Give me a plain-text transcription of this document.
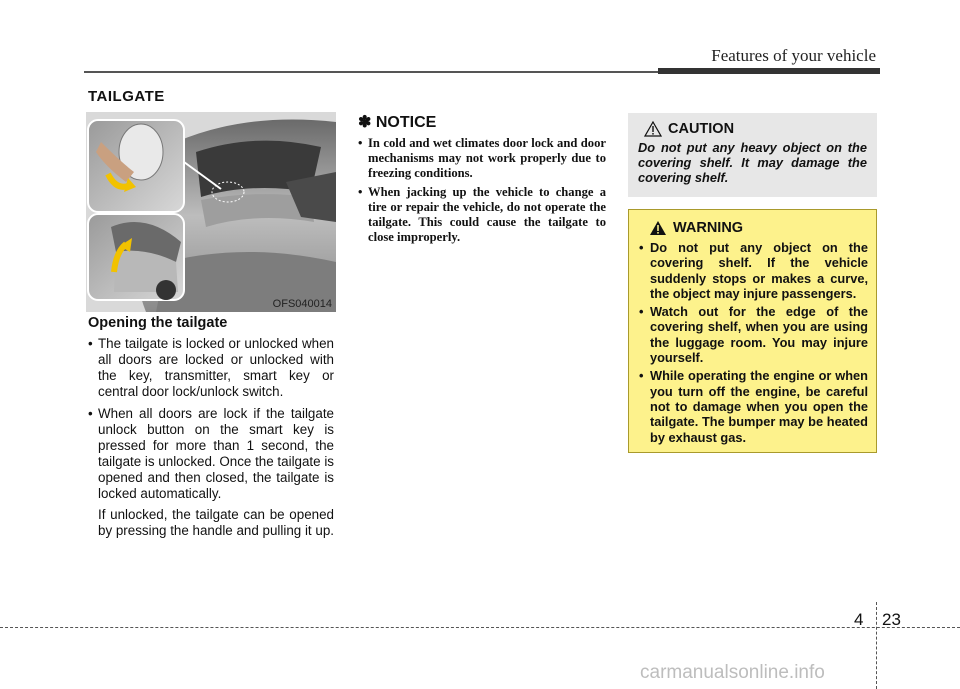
Features of your vehicle
TAILGATE
OFS040014
Opening the tailgate
• The tailgate is locked or unlocked when all doors are locked or unlocked with the key, transmitter, smart key or central door lock/unlock switch.
• When all doors are lock if the tailgate unlock button on the smart key is pressed for more than 1 second, the tailgate is unlocked. Once the tailgate is opened and then closed, the tailgate is locked automatically.
If unlocked, the tailgate can be opened by pressing the handle and pulling it up.
✽ NOTICE
• In cold and wet climates door lock and door mechanisms may not work properly due to freezing conditions.
• When jacking up the vehicle to change a tire or repair the vehicle, do not operate the tailgate. This could cause the tailgate to close improperly.
CAUTION
Do not put any heavy object on the covering shelf. It may damage the covering shelf.
WARNING
• Do not put any object on the covering shelf. If the vehicle suddenly stops or makes a curve, the object may injure passengers.
• Watch out for the edge of the covering shelf, when you are using the luggage room. You may injure yourself.
• While operating the engine or when you turn off the engine, be careful not to damage when you open the tailgate. The bumper may be heated by exhaust gas.
4 23
carmanualsonline.info
